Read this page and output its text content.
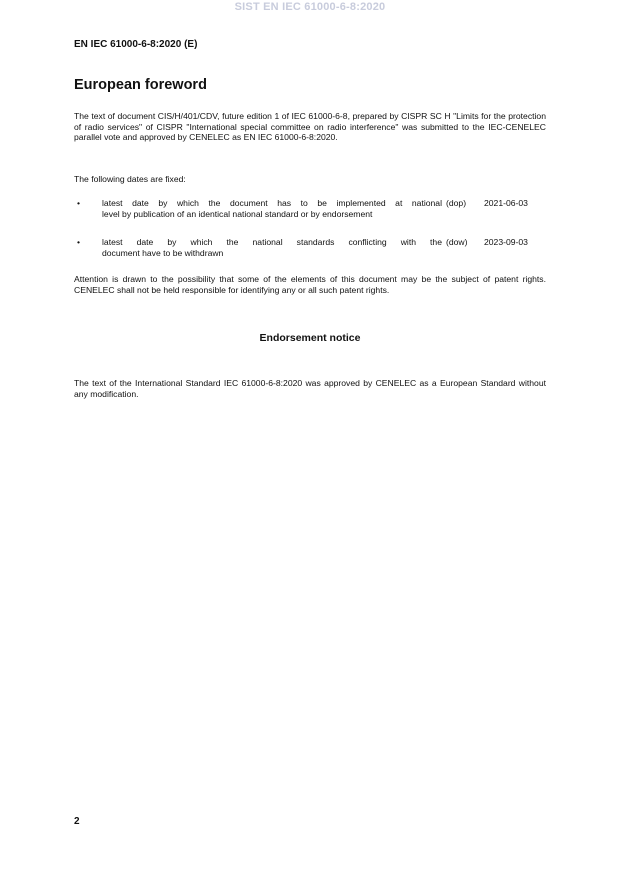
SIST EN IEC 61000-6-8:2020
EN IEC 61000-6-8:2020 (E)
European foreword

The text of document CIS/H/401/CDV, future edition 1 of IEC 61000-6-8, prepared by CISPR SC H "Limits for the protection of radio services" of CISPR "International special committee on radio interference" was submitted to the IEC-CENELEC parallel vote and approved by CENELEC as EN IEC 61000-6-8:2020.

The following dates are fixed:

•	latest date by which the document has to be implemented at national
level by publication of an identical national standard or by endorsement
(dop) 2021-06-03
•	latest date by which the national standards conflicting with the
document have to be withdrawn
(dow) 2023-09-03

Attention is drawn to the possibility that some of the elements of this document may be the subject of patent rights. CENELEC shall not be held responsible for identifying any or all such patent rights.

Endorsement notice

The text of the International Standard IEC 61000-6-8:2020 was approved by CENELEC as a European Standard without any modification.

2
